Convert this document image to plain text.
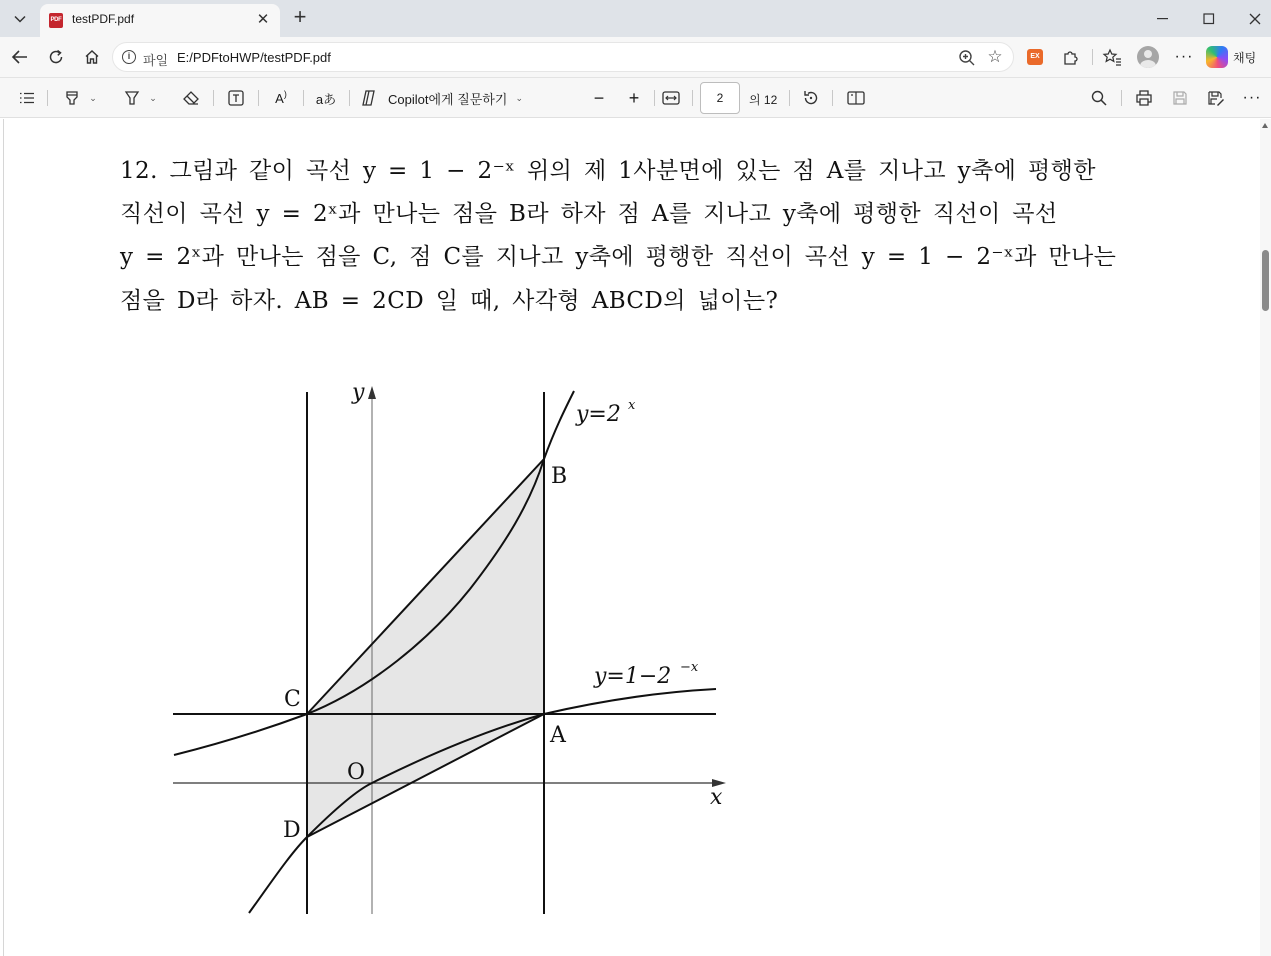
PDF testPDF.pdf	✕ +
i 파일 E:/PDFtoHWP/testPDF.pdf	☆	EX	···	채팅
⌄	⌄	A ) aあ	Copilot에게 질문하기 ⌄	− +	2	의 12	···
12. 그림과 같이 곡선 y = 1 − 2⁻ˣ 위의 제 1사분면에 있는 점 A를 지나고 y축에 평행한
직선이 곡선 y = 2ˣ과 만나는 점을 B라 하자 점 A를 지나고 y축에 평행한 직선이 곡선
y = 2ˣ과 만나는 점을 C, 점 C를 지나고 y축에 평행한 직선이 곡선 y = 1 − 2⁻ˣ과 만나는
점을 D라 하자. AB = 2CD 일 때, 사각형 ABCD의 넓이는?
y
x
y=2 x
y=1−2 −x
B
C
A
O
D
